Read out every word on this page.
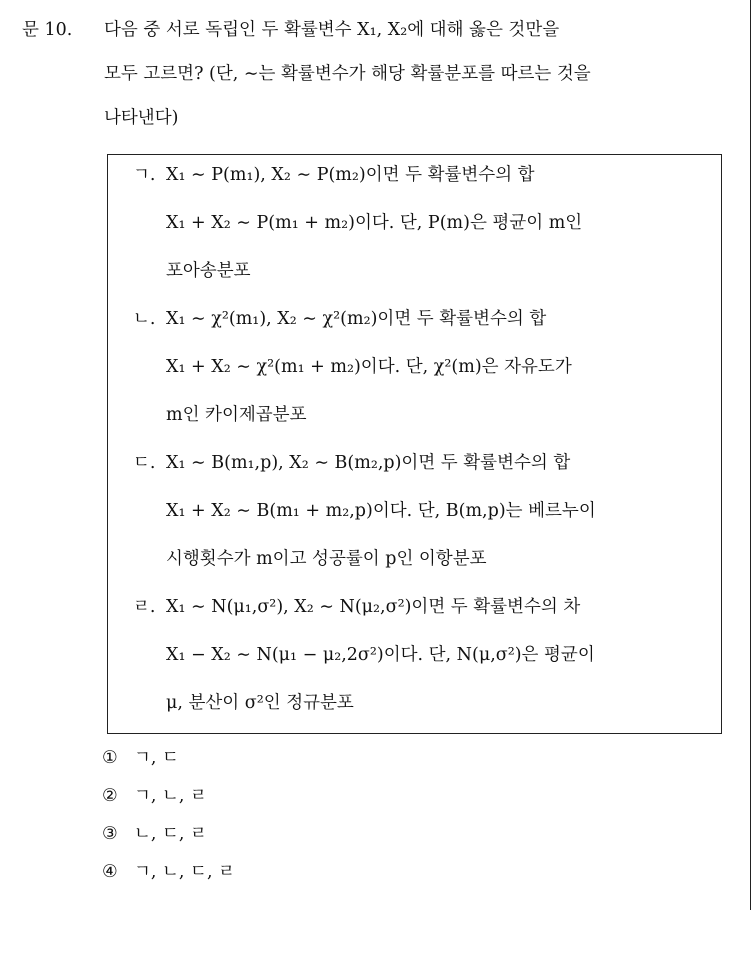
문 10. 다음 중 서로 독립인 두 확률변수 X₁, X₂에 대해 옳은 것만을
모두 고르면? (단, ∼는 확률변수가 해당 확률분포를 따르는 것을
나타낸다)
ㄱ. X₁ ∼ P(m₁), X₂ ∼ P(m₂)이면 두 확률변수의 합
X₁ + X₂ ∼ P(m₁ + m₂)이다. 단, P(m)은 평균이 m인
포아송분포
ㄴ. X₁ ∼ χ²(m₁), X₂ ∼ χ²(m₂)이면 두 확률변수의 합
X₁ + X₂ ∼ χ²(m₁ + m₂)이다. 단, χ²(m)은 자유도가
m인 카이제곱분포
ㄷ. X₁ ∼ B(m₁,p), X₂ ∼ B(m₂,p)이면 두 확률변수의 합
X₁ + X₂ ∼ B(m₁ + m₂,p)이다. 단, B(m,p)는 베르누이
시행횟수가 m이고 성공률이 p인 이항분포
ㄹ. X₁ ∼ N(μ₁,σ²), X₂ ∼ N(μ₂,σ²)이면 두 확률변수의 차
X₁ − X₂ ∼ N(μ₁ − μ₂,2σ²)이다. 단, N(μ,σ²)은 평균이
μ, 분산이 σ²인 정규분포
① ㄱ, ㄷ
② ㄱ, ㄴ, ㄹ
③ ㄴ, ㄷ, ㄹ
④ ㄱ, ㄴ, ㄷ, ㄹ
